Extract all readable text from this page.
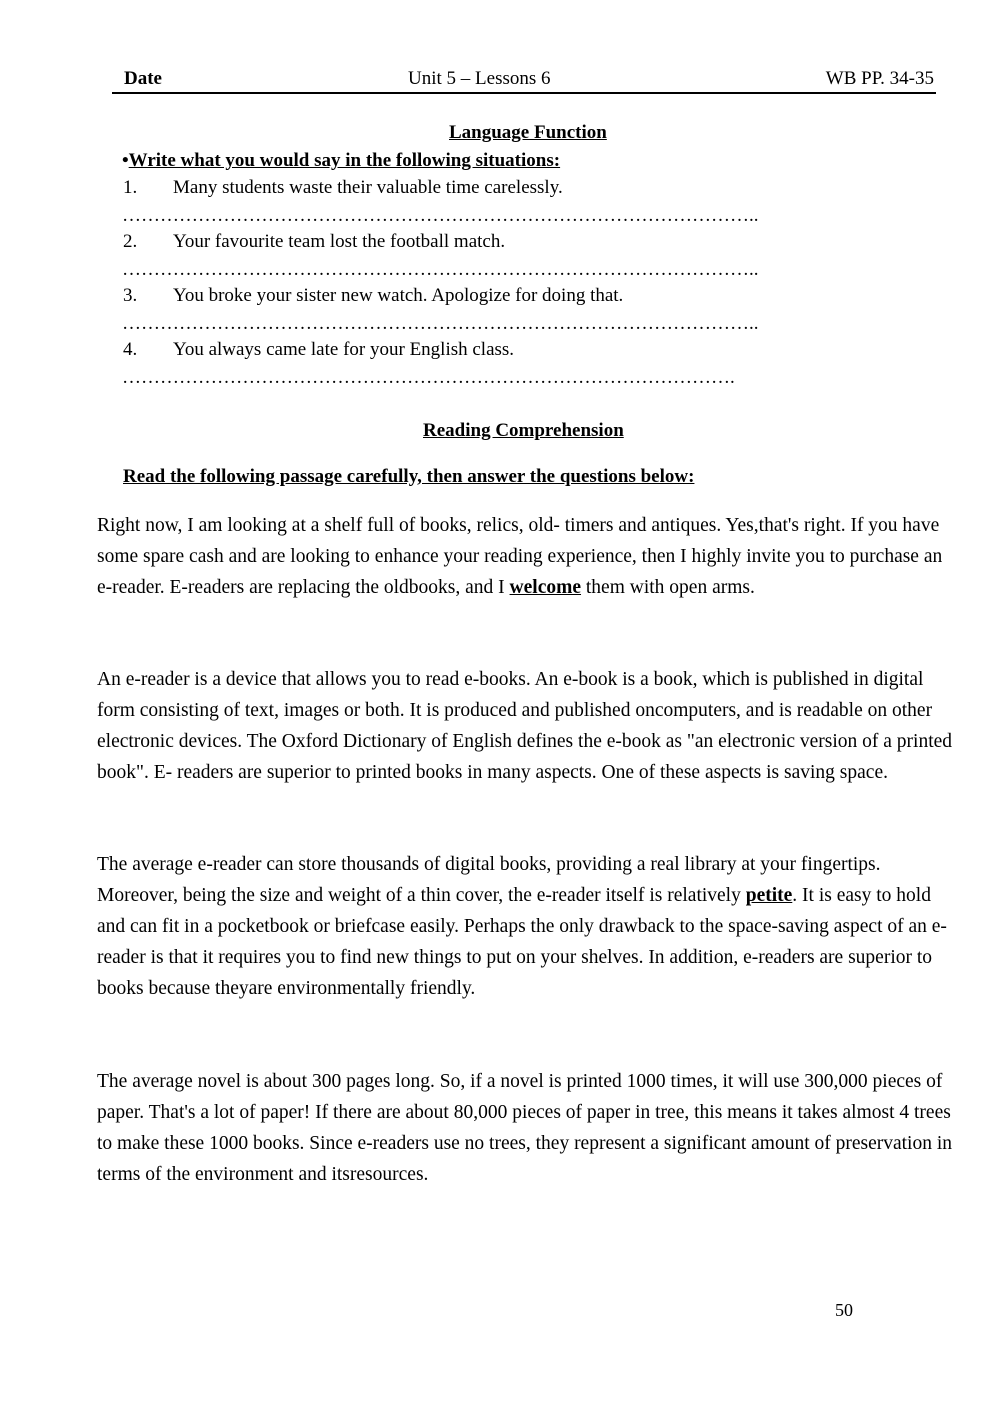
Date	Unit 5 – Lessons 6	WB PP. 34-35
Language Function
•Write what you would say in the following situations:
1. Many students waste their valuable time carelessly.
………………………………………………………………………………………..
2. Your favourite team lost the football match.
………………………………………………………………………………………..
3. You broke your sister new watch. Apologize for doing that.
………………………………………………………………………………………..
4. You always came late for your English class.
…………………………………………………………………………………….
Reading Comprehension
Read the following passage carefully, then answer the questions below:

Right now, I am looking at a shelf full of books, relics, old- timers and antiques. Yes,that's right. If you have some spare cash and are looking to enhance your reading experience, then I highly invite you to purchase an e-reader. E-readers are replacing the oldbooks, and I welcome them with open arms.

An e-reader is a device that allows you to read e-books. An e-book is a book, which is published in digital form consisting of text, images or both. It is produced and published oncomputers, and is readable on other electronic devices. The Oxford Dictionary of English defines the e-book as "an electronic version of a printed book". E- readers are superior to printed books in many aspects. One of these aspects is saving space.

The average e-reader can store thousands of digital books, providing a real library at your fingertips. Moreover, being the size and weight of a thin cover, the e-reader itself is relatively petite. It is easy to hold and can fit in a pocketbook or briefcase easily. Perhaps the only drawback to the space-saving aspect of an e-reader is that it requires you to find new things to put on your shelves. In addition, e-readers are superior to books because theyare environmentally friendly.

The average novel is about 300 pages long. So, if a novel is printed 1000 times, it will use 300,000 pieces of paper. That's a lot of paper! If there are about 80,000 pieces of paper in tree, this means it takes almost 4 trees to make these 1000 books. Since e-readers use no trees, they represent a significant amount of preservation in terms of the environment and itsresources.

50
